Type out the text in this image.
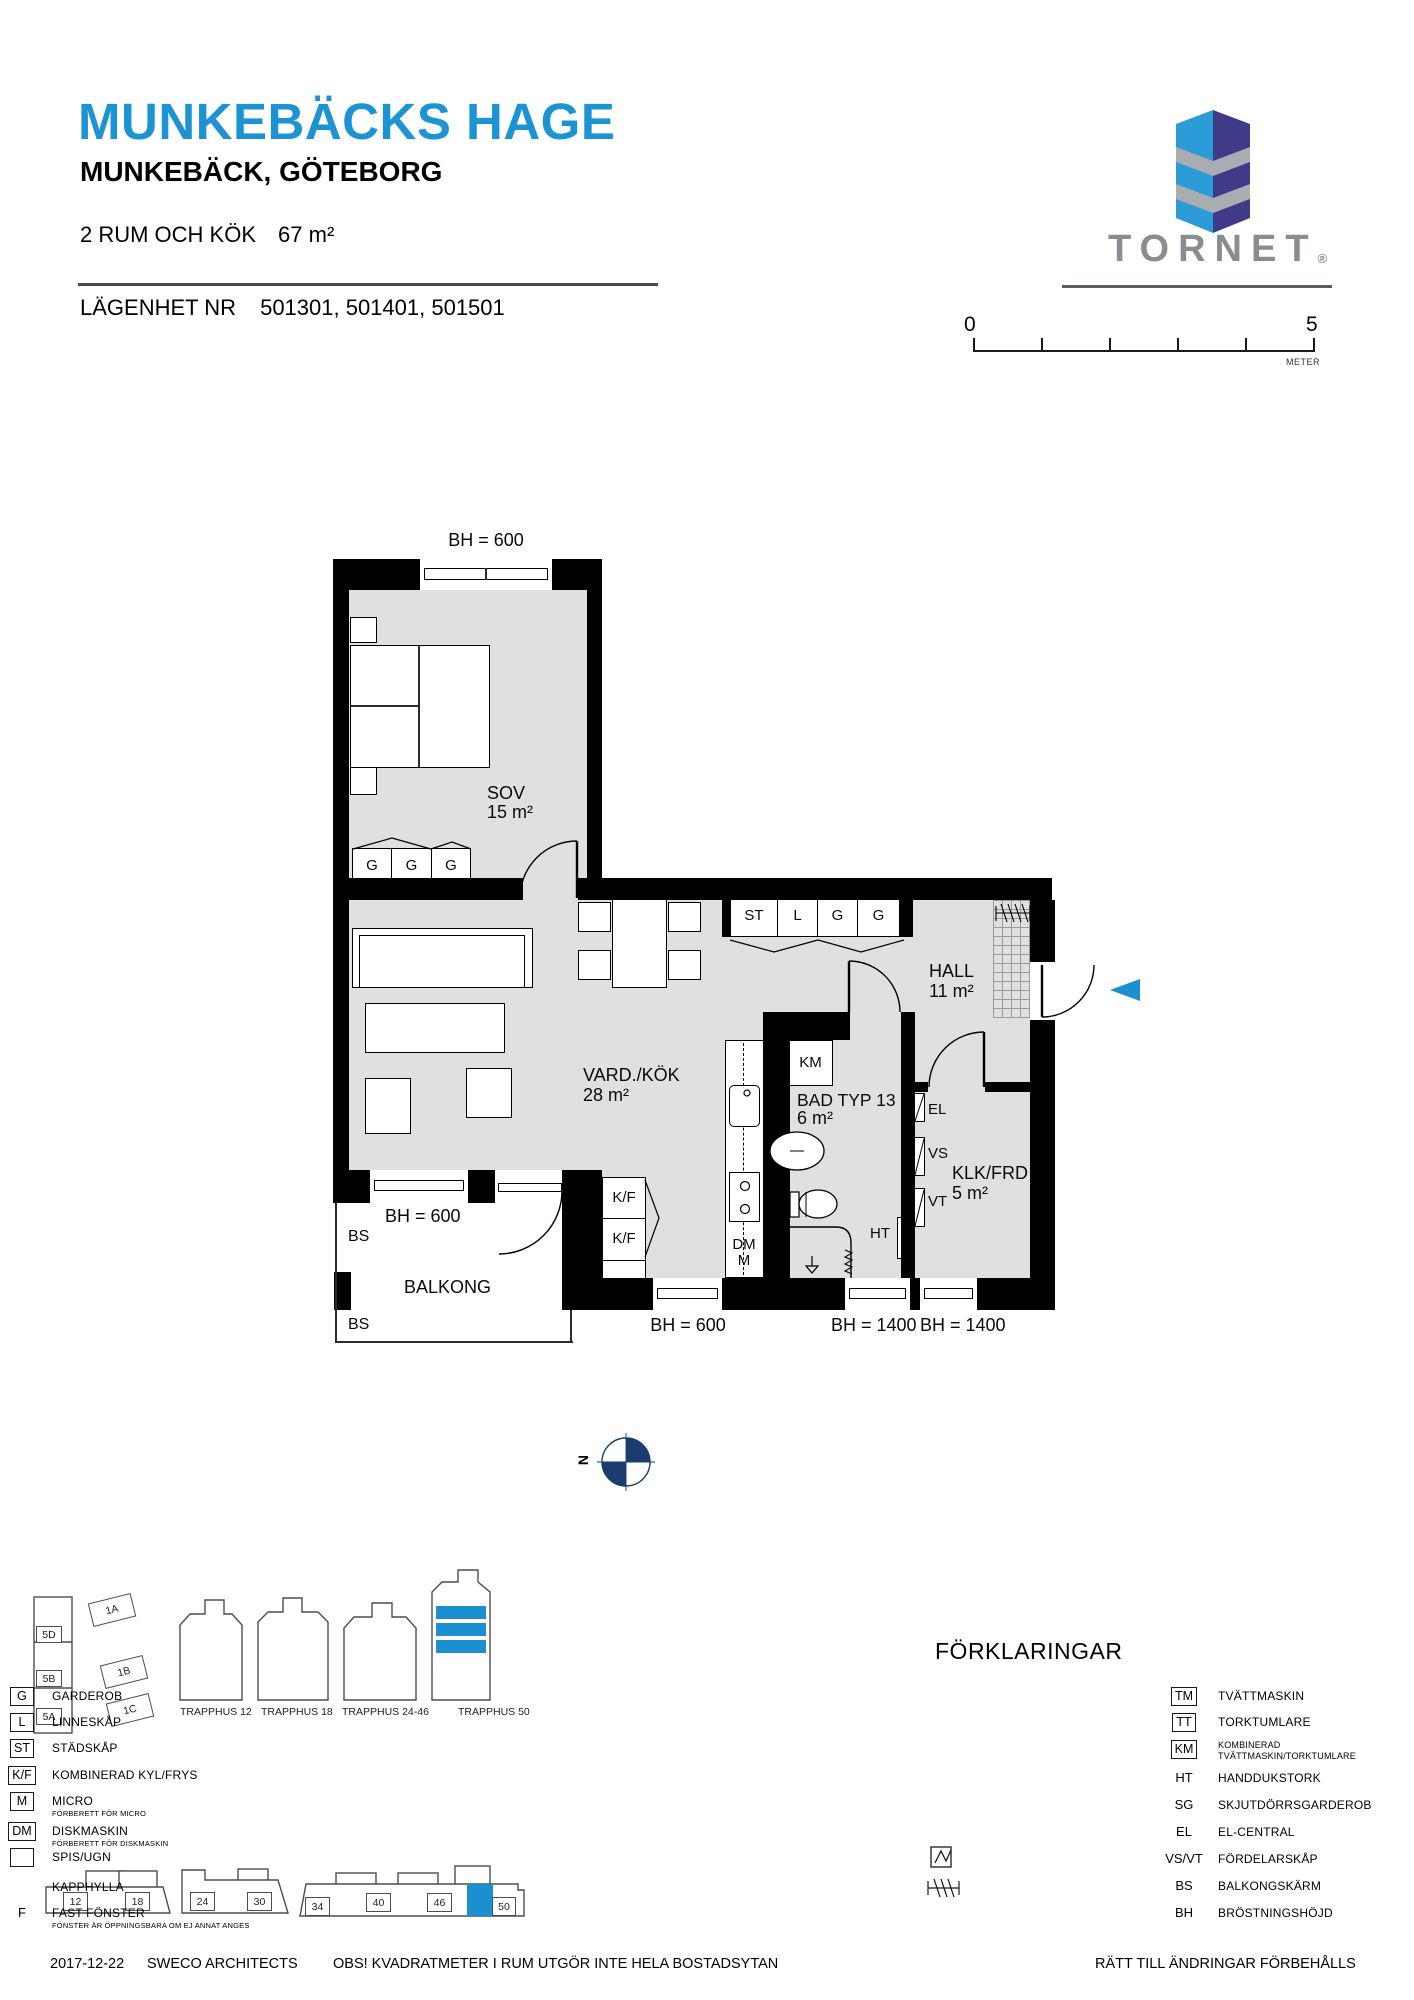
MUNKEBÄCKS HAGE
MUNKEBÄCK, GÖTEBORG
2 RUM OCH KÖK 67 m²
LÄGENHET NR 501301, 501401, 501501
TORNET®
0	5
METER
BH = 600
SOV
15 m²
G	G	G
ST	L	G	G
HALL
11 m²
VARD./KÖK
28 m²
KM
BAD TYP 13
6 m²	EL
VS
VT
KLK/FRD
5 m²
HT
K/F
K/F	DM
M
BH = 600
BS
BALKONG
BS	BH = 600	BH = 1400 BH = 1400
N
1A
1B
1C
5D
5B
5A	TRAPPHUS 12 TRAPPHUS 18 TRAPPHUS 24-46	TRAPPHUS 50
12	18	24	30	34	40	46	50
FÖRKLARINGAR
G	GARDEROB
L	LINNESKÅP
ST	STÄDSKÅP
K/F	KOMBINERAD KYL/FRYS
M	MICRO
FÖRBERETT FÖR MICRO
DM	DISKMASKIN
FÖRBERETT FÖR DISKMASKIN
SPIS/UGN
KAPPHYLLA
F FAST FÖNSTER
FÖNSTER ÄR ÖPPNINGSBARA OM EJ ANNAT ANGES
TM	TVÄTTMASKIN
TT	TORKTUMLARE
KM	KOMBINERAD TVÄTTMASKIN/TORKTUMLARE
HT HANDDUKSTORK
SG SKJUTDÖRRSGARDEROB
EL EL-CENTRAL
VS/VT FÖRDELARSKÅP
BS BALKONGSKÄRM
BH BRÖSTNINGSHÖJD
2017-12-22 SWECO ARCHITECTS OBS! KVADRATMETER I RUM UTGÖR INTE HELA BOSTADSYTAN	RÄTT TILL ÄNDRINGAR FÖRBEHÅLLS
